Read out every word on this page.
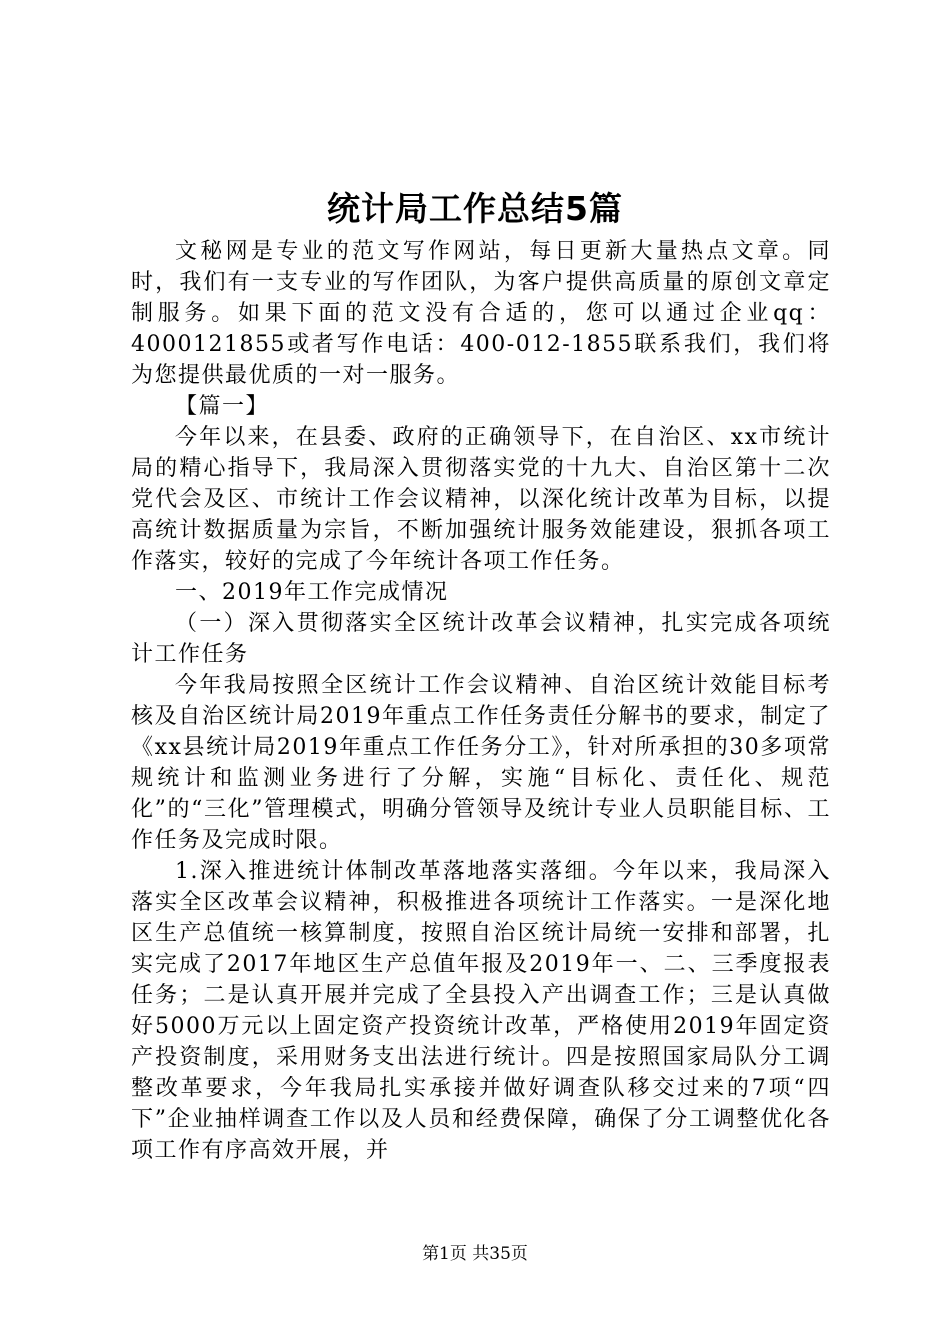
统计局工作总结5篇

文秘网是专业的范文写作网站，每日更新大量热点文章。同时，我们有一支专业的写作团队，为客户提供高质量的原创文章定制服务。如果下面的范文没有合适的，您可以通过企业qq：4000121855或者写作电话：400-012-1855联系我们，我们将为您提供最优质的一对一服务。

【篇一】

今年以来，在县委、政府的正确领导下，在自治区、xx市统计局的精心指导下，我局深入贯彻落实党的十九大、自治区第十二次党代会及区、市统计工作会议精神，以深化统计改革为目标，以提高统计数据质量为宗旨，不断加强统计服务效能建设，狠抓各项工作落实，较好的完成了今年统计各项工作任务。

一、2019年工作完成情况

（一）深入贯彻落实全区统计改革会议精神，扎实完成各项统计工作任务

今年我局按照全区统计工作会议精神、自治区统计效能目标考核及自治区统计局2019年重点工作任务责任分解书的要求，制定了《xx县统计局2019年重点工作任务分工》，针对所承担的30多项常规统计和监测业务进行了分解，实施“目标化、责任化、规范化”的“三化”管理模式，明确分管领导及统计专业人员职能目标、工作任务及完成时限。

1.深入推进统计体制改革落地落实落细。今年以来，我局深入落实全区改革会议精神，积极推进各项统计工作落实。一是深化地区生产总值统一核算制度，按照自治区统计局统一安排和部署，扎实完成了2017年地区生产总值年报及2019年一、二、三季度报表任务；二是认真开展并完成了全县投入产出调查工作；三是认真做好5000万元以上固定资产投资统计改革，严格使用2019年固定资产投资制度，采用财务支出法进行统计。四是按照国家局队分工调整改革要求，今年我局扎实承接并做好调查队移交过来的7项“四下”企业抽样调查工作以及人员和经费保障，确保了分工调整优化各项工作有序高效开展，并

第1页 共35页
